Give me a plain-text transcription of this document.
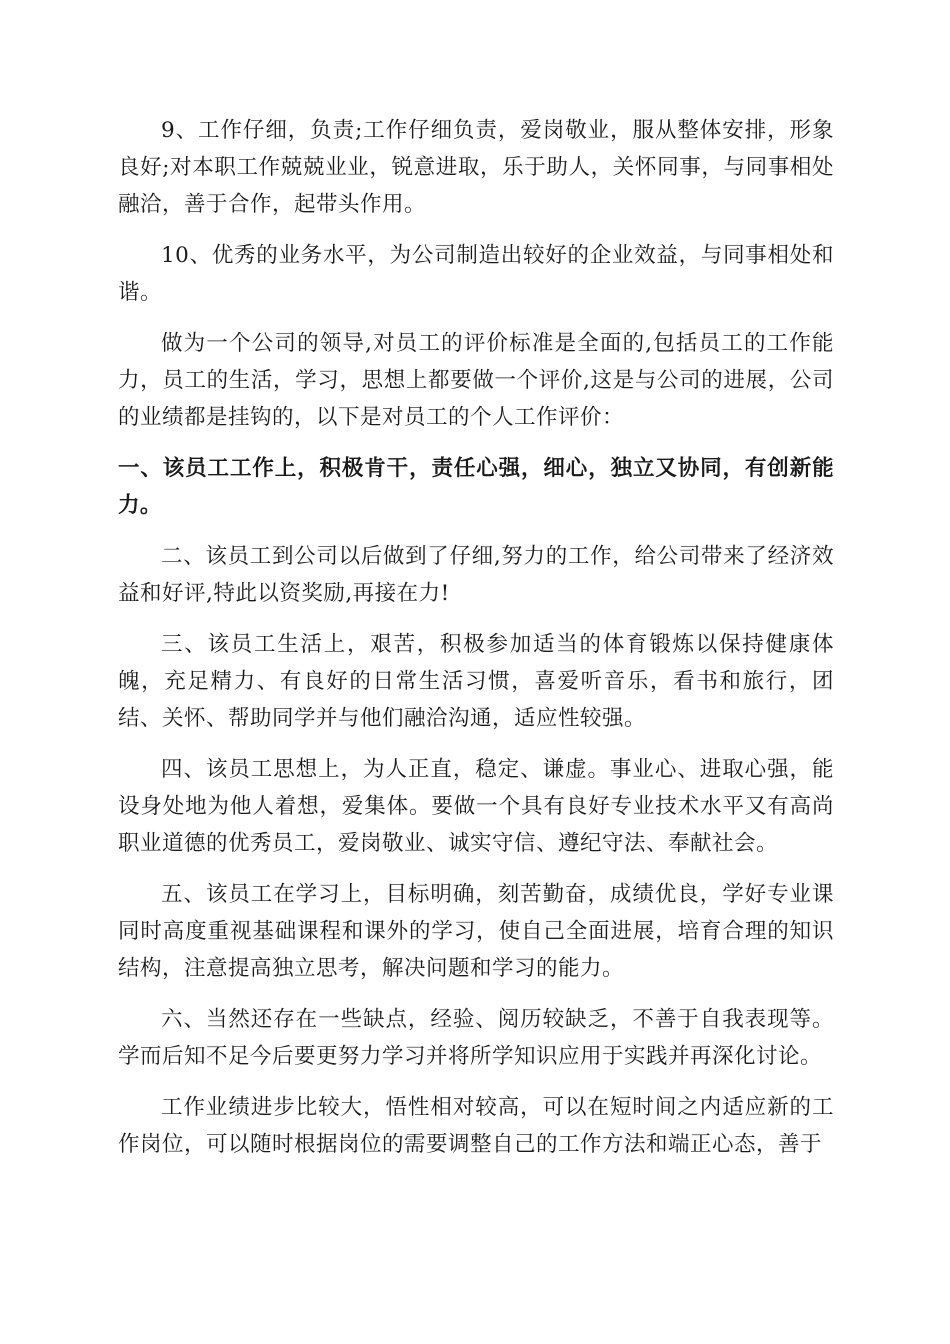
9、工作仔细，负责;工作仔细负责，爱岗敬业，服从整体安排，形象良好;对本职工作兢兢业业，锐意进取，乐于助人，关怀同事，与同事相处融洽，善于合作，起带头作用。

10、优秀的业务水平，为公司制造出较好的企业效益，与同事相处和谐。

做为一个公司的领导,对员工的评价标准是全面的,包括员工的工作能力，员工的生活，学习，思想上都要做一个评价,这是与公司的进展，公司的业绩都是挂钩的，以下是对员工的个人工作评价：

一、该员工工作上，积极肯干，责任心强，细心，独立又协同，有创新能力。

二、该员工到公司以后做到了仔细,努力的工作，给公司带来了经济效益和好评,特此以资奖励,再接在力!

三、该员工生活上，艰苦，积极参加适当的体育锻炼以保持健康体魄，充足精力、有良好的日常生活习惯，喜爱听音乐，看书和旅行，团结、关怀、帮助同学并与他们融洽沟通，适应性较强。

四、该员工思想上，为人正直，稳定、谦虚。事业心、进取心强，能设身处地为他人着想，爱集体。要做一个具有良好专业技术水平又有高尚职业道德的优秀员工，爱岗敬业、诚实守信、遵纪守法、奉献社会。

五、该员工在学习上，目标明确，刻苦勤奋，成绩优良，学好专业课同时高度重视基础课程和课外的学习，使自己全面进展，培育合理的知识结构，注意提高独立思考，解决问题和学习的能力。

六、当然还存在一些缺点，经验、阅历较缺乏，不善于自我表现等。学而后知不足今后要更努力学习并将所学知识应用于实践并再深化讨论。

工作业绩进步比较大，悟性相对较高，可以在短时间之内适应新的工作岗位，可以随时根据岗位的需要调整自己的工作方法和端正心态，善于
